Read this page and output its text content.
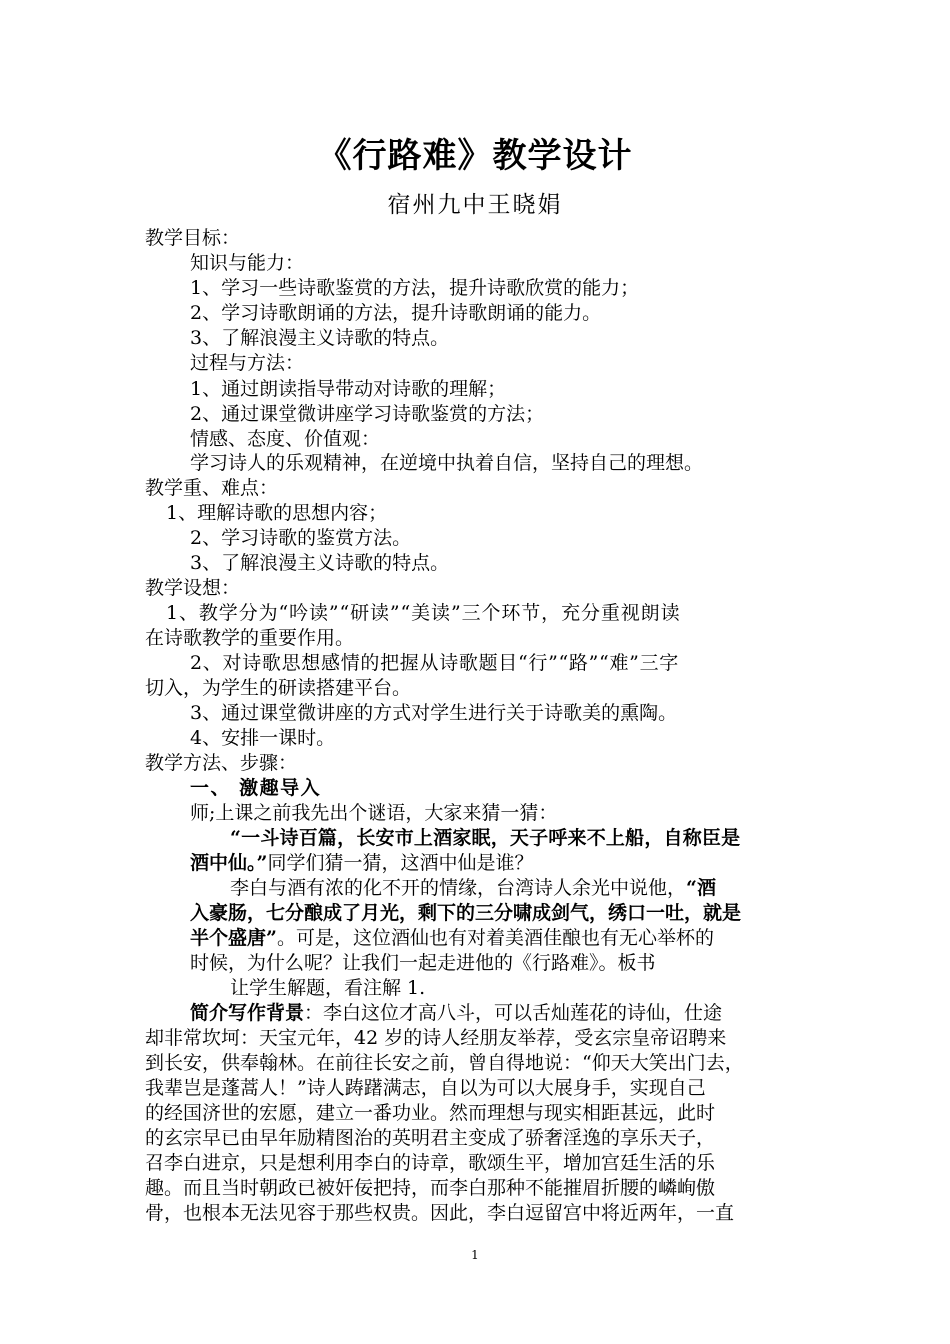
《行路难》教学设计
宿州九中王晓娟
教学目标：
知识与能力：
1、学习一些诗歌鉴赏的方法，提升诗歌欣赏的能力；
2、学习诗歌朗诵的方法，提升诗歌朗诵的能力。
3、了解浪漫主义诗歌的特点。
过程与方法：
1、通过朗读指导带动对诗歌的理解；
2、通过课堂微讲座学习诗歌鉴赏的方法；
情感、态度、价值观：
学习诗人的乐观精神，在逆境中执着自信，坚持自己的理想。
教学重、难点：
1、理解诗歌的思想内容；
2、学习诗歌的鉴赏方法。
3、了解浪漫主义诗歌的特点。
教学设想：
1、教学分为“吟读”“研读”“美读”三个环节，充分重视朗读
在诗歌教学的重要作用。
2、对诗歌思想感情的把握从诗歌题目“行”“路”“难”三字
切入，为学生的研读搭建平台。
3、通过课堂微讲座的方式对学生进行关于诗歌美的熏陶。
4、安排一课时。
教学方法、步骤：
一、 激趣导入
师;上课之前我先出个谜语，大家来猜一猜：
“一斗诗百篇，长安市上酒家眠，天子呼来不上船，自称臣是
酒中仙。”同学们猜一猜，这酒中仙是谁？
李白与酒有浓的化不开的情缘，台湾诗人余光中说他，“酒
入豪肠，七分酿成了月光，剩下的三分啸成剑气，绣口一吐，就是
半个盛唐”。可是，这位酒仙也有对着美酒佳酿也有无心举杯的
时候，为什么呢？让我们一起走进他的《行路难》。板书
让学生解题，看注解 1.
简介写作背景：李白这位才高八斗，可以舌灿莲花的诗仙，仕途
却非常坎坷：天宝元年，42 岁的诗人经朋友举荐，受玄宗皇帝诏聘来
到长安，供奉翰林。在前往长安之前，曾自得地说：“仰天大笑出门去，
我辈岂是蓬蒿人！”诗人踌躇满志，自以为可以大展身手，实现自己
的经国济世的宏愿，建立一番功业。然而理想与现实相距甚远，此时
的玄宗早已由早年励精图治的英明君主变成了骄奢淫逸的享乐天子，
召李白进京，只是想利用李白的诗章，歌颂生平，增加宫廷生活的乐
趣。而且当时朝政已被奸佞把持，而李白那种不能摧眉折腰的嶙峋傲
骨，也根本无法见容于那些权贵。因此，李白逗留宫中将近两年，一直
1
